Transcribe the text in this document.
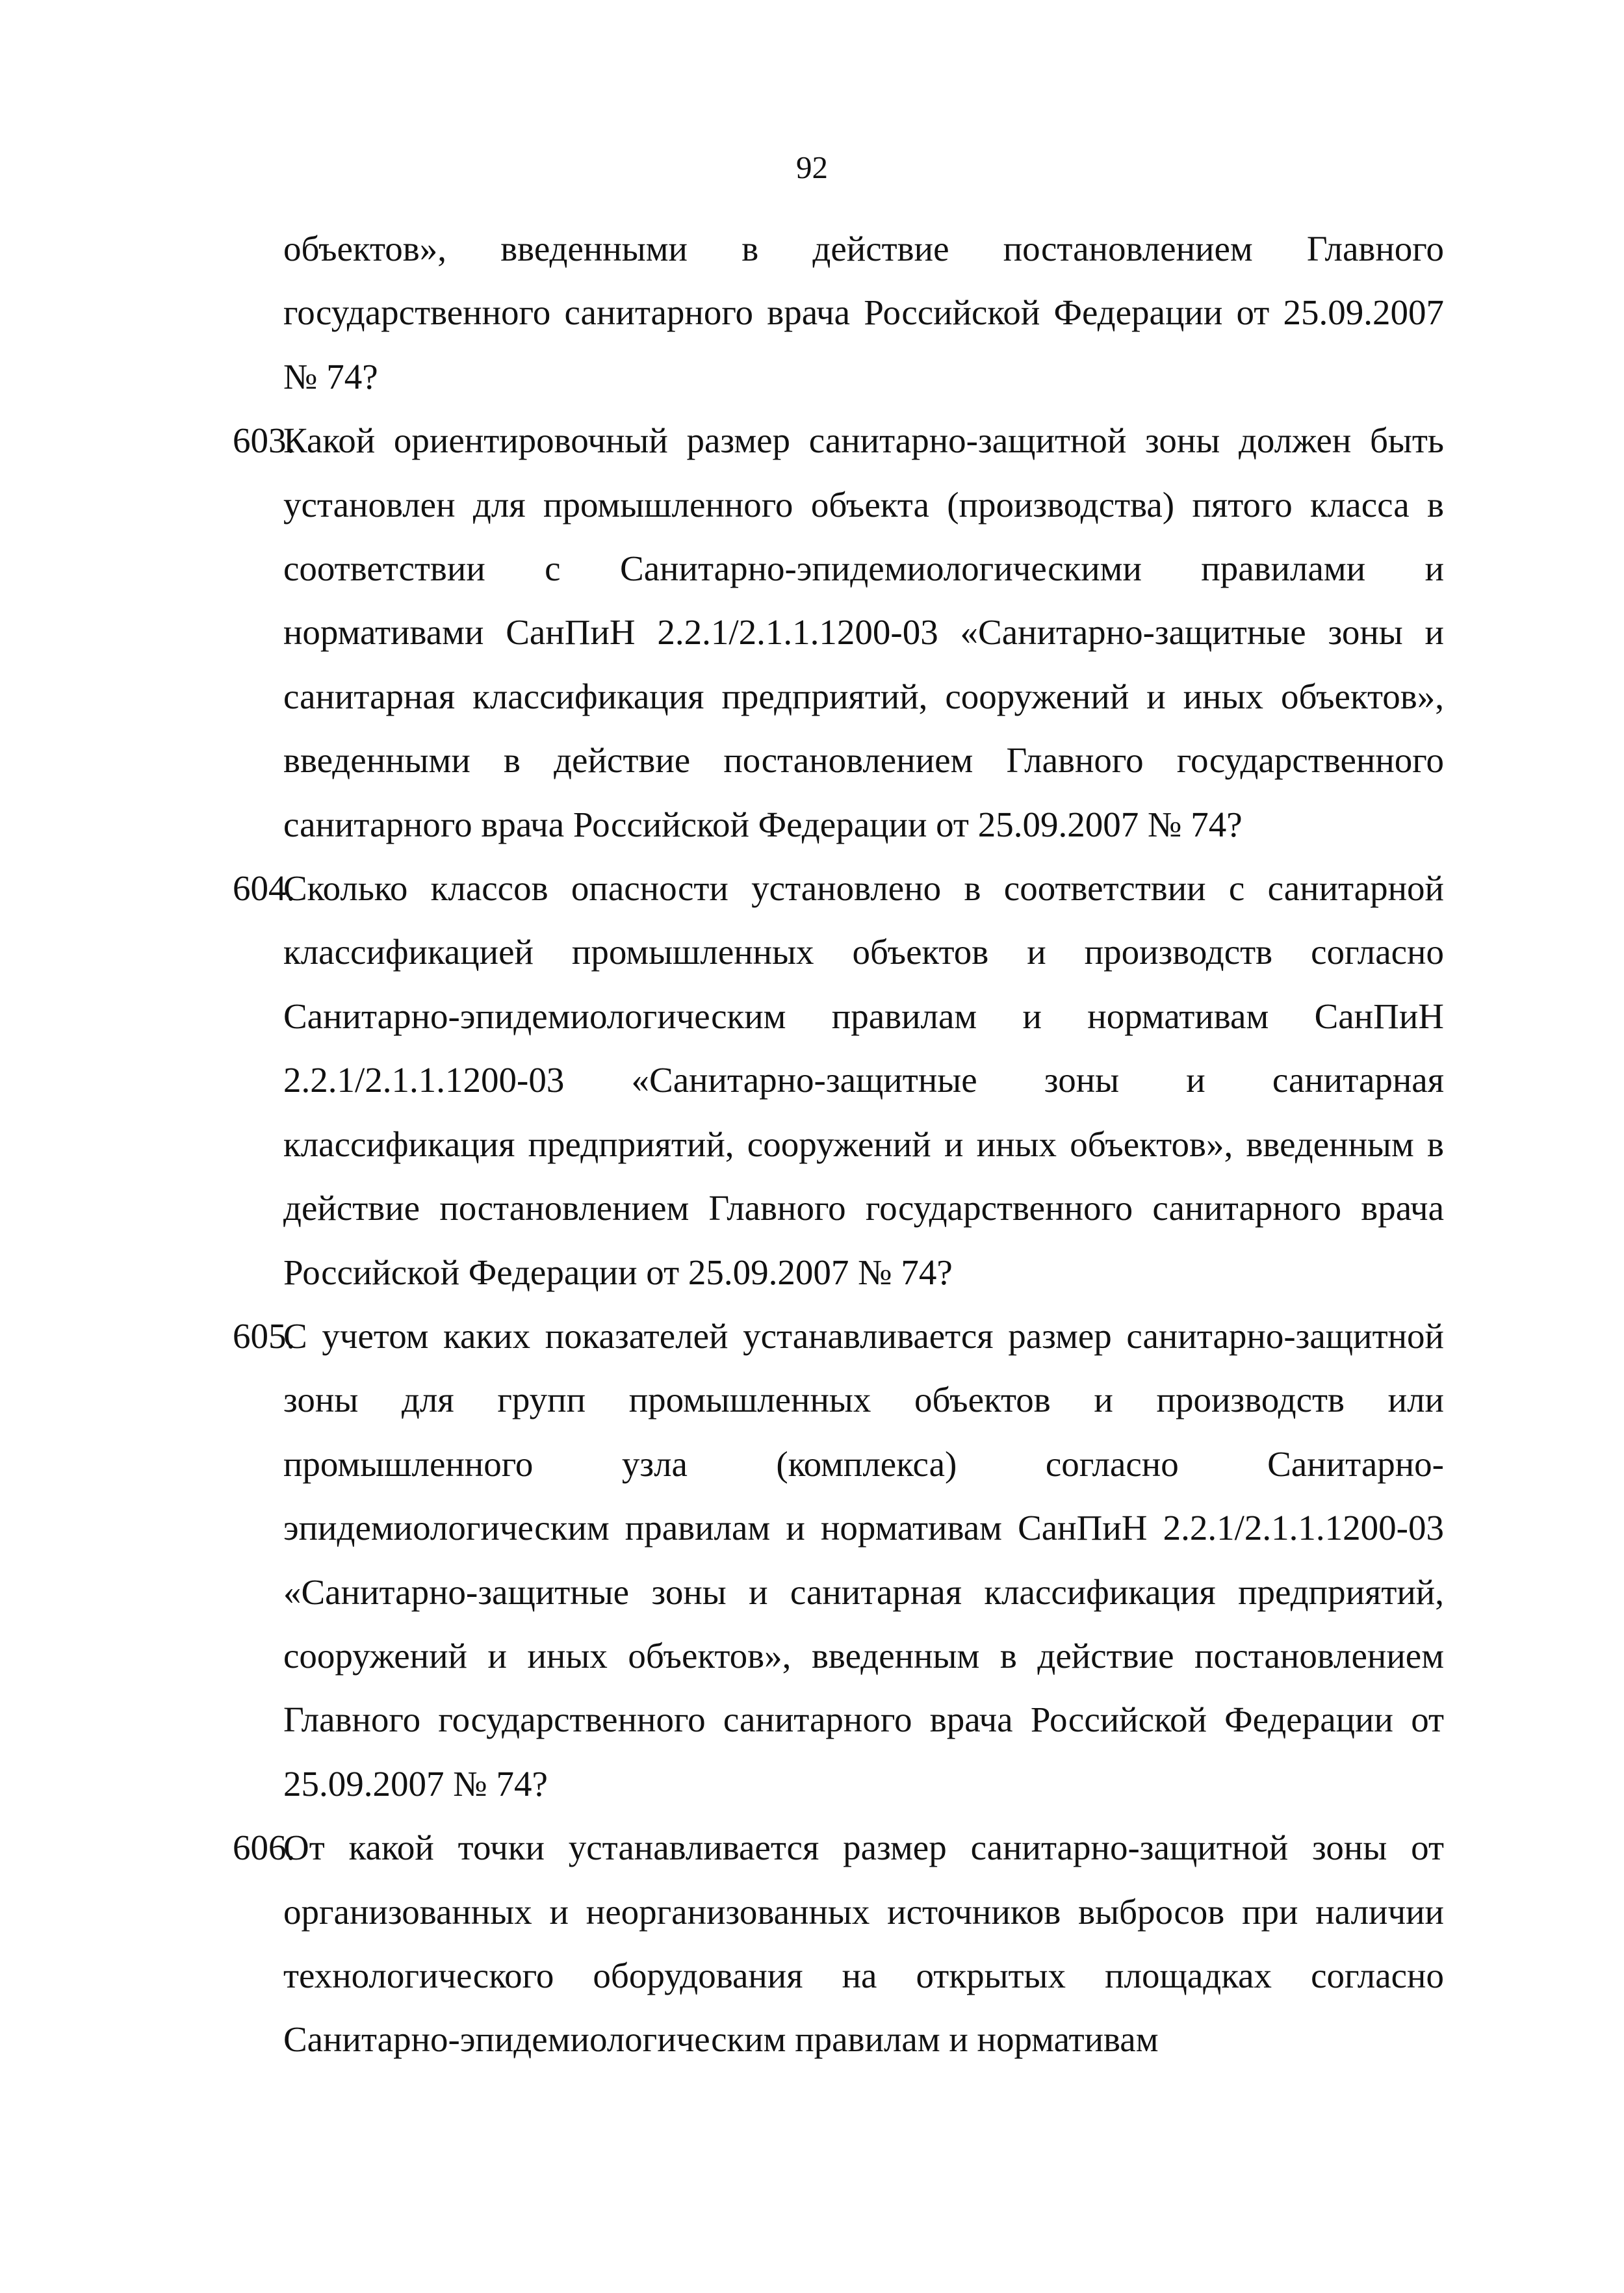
92

объектов», введенными в действие постановлением Главного государственного санитарного врача Российской Федерации от 25.09.2007 № 74?

603.
Какой ориентировочный размер санитарно-защитной зоны должен быть установлен для промышленного объекта (производства) пятого класса в соответствии с Санитарно-эпидемиологическими правилами и нормативами СанПиН 2.2.1/2.1.1.1200-03 «Санитарно-защитные зоны и санитарная классификация предприятий, сооружений и иных объектов», введенными в действие постановлением Главного государственного санитарного врача Российской Федерации от 25.09.2007 № 74?

604.
Сколько классов опасности установлено в соответствии с санитарной классификацией промышленных объектов и производств согласно Санитарно-эпидемиологическим правилам и нормативам СанПиН 2.2.1/2.1.1.1200-03 «Санитарно-защитные зоны и санитарная классификация предприятий, сооружений и иных объектов», введенным в действие постановлением Главного государственного санитарного врача Российской Федерации от 25.09.2007 № 74?

605.
С учетом каких показателей устанавливается размер санитарно-защитной зоны для групп промышленных объектов и производств или промышленного узла (комплекса) согласно Санитарно-эпидемиологическим правилам и нормативам СанПиН 2.2.1/2.1.1.1200-03 «Санитарно-защитные зоны и санитарная классификация предприятий, сооружений и иных объектов», введенным в действие постановлением Главного государственного санитарного врача Российской Федерации от 25.09.2007 № 74?

606.
От какой точки устанавливается размер санитарно-защитной зоны от организованных и неорганизованных источников выбросов при наличии технологического оборудования на открытых площадках согласно Санитарно-эпидемиологическим правилам и нормативам
